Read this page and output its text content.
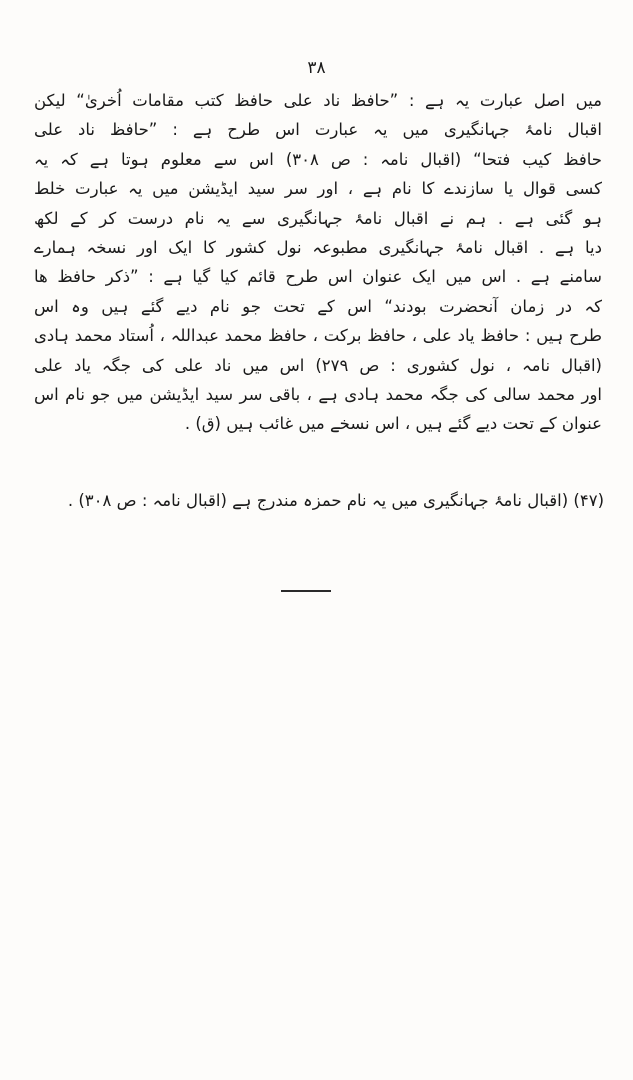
۳۸
میں اصل عبارت یہ ہے : ”حافظ ناد علی حافظ کتب مقامات اُخریٰ“ لیکن
اقبال نامۂ جہانگیری میں یہ عبارت اس طرح ہے : ”حافظ ناد علی
حافظ کیب فتحا“ (اقبال نامہ : ص ۳۰۸) اس سے معلوم ہوتا ہے کہ یہ
کسی قوال یا سازندے کا نام ہے ، اور سر سید ایڈیشن میں یہ عبارت خلط
ہو گئی ہے . ہم نے اقبال نامۂ جہانگیری سے یہ نام درست کر کے لکھ
دیا ہے . اقبال نامۂ جہانگیری مطبوعہ نول کشور کا ایک اور نسخہ ہمارے
سامنے ہے . اس میں ایک عنوان اس طرح قائم کیا گیا ہے : ”ذکر حافظ ها
کہ در زمان آنحضرت بودند“ اس کے تحت جو نام دیے گئے ہیں وہ اس
طرح ہیں : حافظ یاد علی ، حافظ برکت ، حافظ محمد عبداللہ ، اُستاد محمد ہادی
(اقبال نامہ ، نول کشوری : ص ۲۷۹) اس میں ناد علی کی جگہ یاد علی
اور محمد سالی کی جگہ محمد ہادی ہے ، باقی سر سید ایڈیشن میں جو نام اس
عنوان کے تحت دیے گئے ہیں ، اس نسخے میں غائب ہیں (ق) .
(۴۷) (اقبال نامۂ جہانگیری میں یہ نام حمزہ مندرج ہے (اقبال نامہ : ص ۳۰۸) .
